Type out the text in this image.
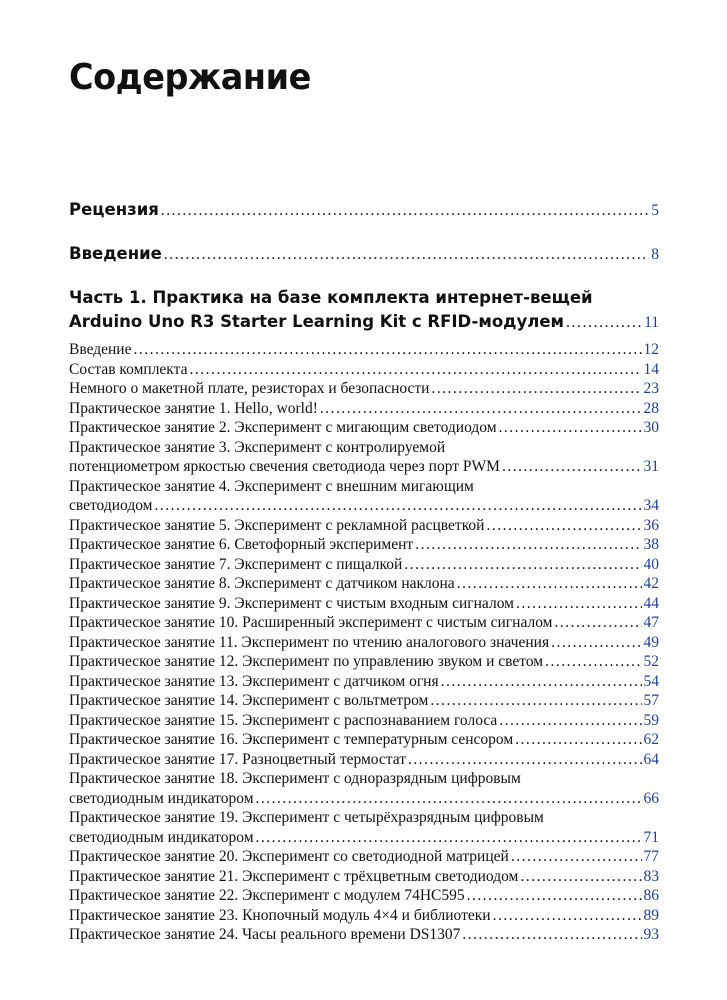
Содержание
Рецензия .....	5
Введение .....	8
Часть 1. Практика на базе комплекта интернет-вещей
Arduino Uno R3 Starter Learning Kit с RFID-модулем .....	11
Введение .....	12
Состав комплекта .....	14
Немного о макетной плате, резисторах и безопасности .....	23
Практическое занятие 1. Hello, world! .....	28
Практическое занятие 2. Эксперимент с мигающим светодиодом .....	30
Практическое занятие 3. Эксперимент с контролируемой
потенциометром яркостью свечения светодиода через порт PWM .....	31
Практическое занятие 4. Эксперимент с внешним мигающим
светодиодом .....	34
Практическое занятие 5. Эксперимент с рекламной расцветкой .....	36
Практическое занятие 6. Светофорный эксперимент .....	38
Практическое занятие 7. Эксперимент с пищалкой .....	40
Практическое занятие 8. Эксперимент с датчиком наклона .....	42
Практическое занятие 9. Эксперимент с чистым входным сигналом .....	44
Практическое занятие 10. Расширенный эксперимент с чистым сигналом .....	47
Практическое занятие 11. Эксперимент по чтению аналогового значения .....	49
Практическое занятие 12. Эксперимент по управлению звуком и светом .....	52
Практическое занятие 13. Эксперимент с датчиком огня .....	54
Практическое занятие 14. Эксперимент с вольтметром .....	57
Практическое занятие 15. Эксперимент с распознаванием голоса .....	59
Практическое занятие 16. Эксперимент с температурным сенсором .....	62
Практическое занятие 17. Разноцветный термостат .....	64
Практическое занятие 18. Эксперимент с одноразрядным цифровым
светодиодным индикатором .....	66
Практическое занятие 19. Эксперимент с четырёхразрядным цифровым
светодиодным индикатором .....	71
Практическое занятие 20. Эксперимент со светодиодной матрицей .....	77
Практическое занятие 21. Эксперимент с трёхцветным светодиодом .....	83
Практическое занятие 22. Эксперимент с модулем 74HC595 .....	86
Практическое занятие 23. Кнопочный модуль 4×4 и библиотеки .....	89
Практическое занятие 24. Часы реального времени DS1307 .....	93
